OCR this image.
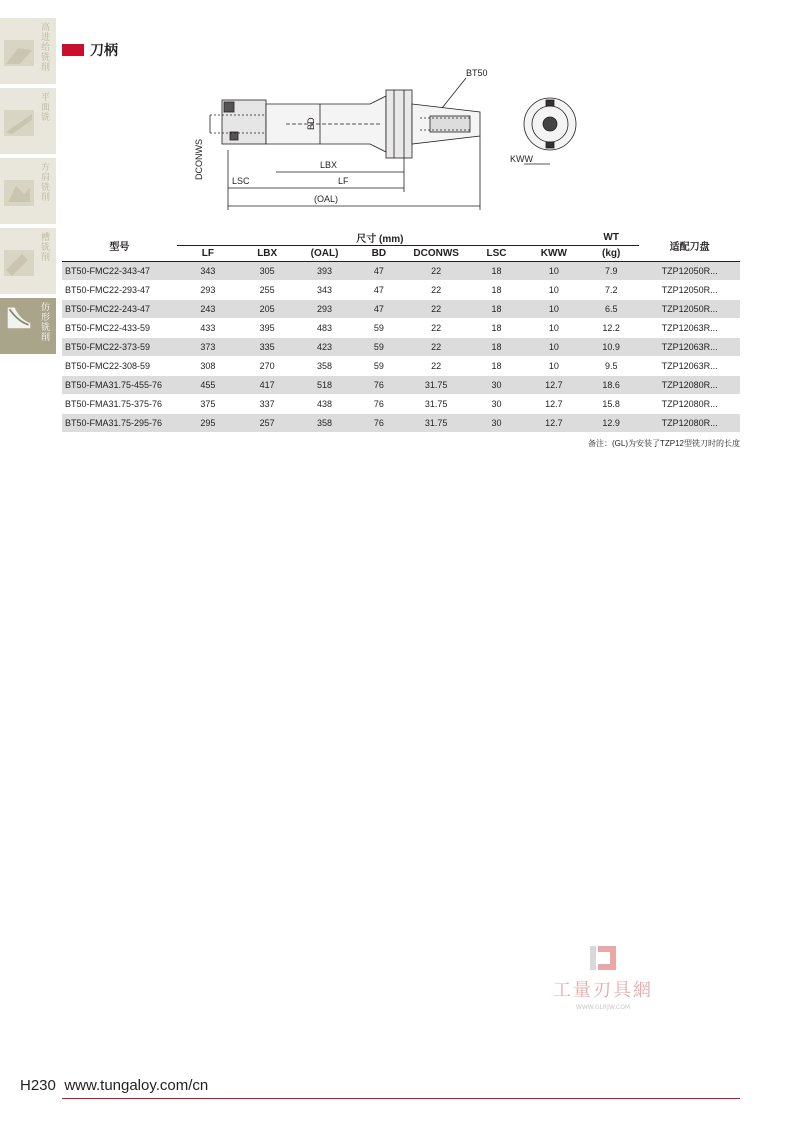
高进给铣削
平面铣
方肩铣削
槽铣削
仿形铣削
刀柄
BD
DCONWS	LBX
LSC	LF
(OAL)
BT50
KWW
型号	尺寸 (mm)							WT	适配刀盘
	LF	LBX	(OAL)	BD	DCONWS	LSC	KWW	(kg)	
BT50-FMC22-343-47	343	305	393	47	22	18	10	7.9	TZP12050R...
BT50-FMC22-293-47	293	255	343	47	22	18	10	7.2	TZP12050R...
BT50-FMC22-243-47	243	205	293	47	22	18	10	6.5	TZP12050R...
BT50-FMC22-433-59	433	395	483	59	22	18	10	12.2	TZP12063R...
BT50-FMC22-373-59	373	335	423	59	22	18	10	10.9	TZP12063R...
BT50-FMC22-308-59	308	270	358	59	22	18	10	9.5	TZP12063R...
BT50-FMA31.75-455-76	455	417	518	76	31.75	30	12.7	18.6	TZP12080R...
BT50-FMA31.75-375-76	375	337	438	76	31.75	30	12.7	15.8	TZP12080R...
BT50-FMA31.75-295-76	295	257	358	76	31.75	30	12.7	12.9	TZP12080R...
备注：(GL)为安装了TZP12型铣刀时的长度
工量刃具網
WWW.GLRJW.COM
H230 www.tungaloy.com/cn
